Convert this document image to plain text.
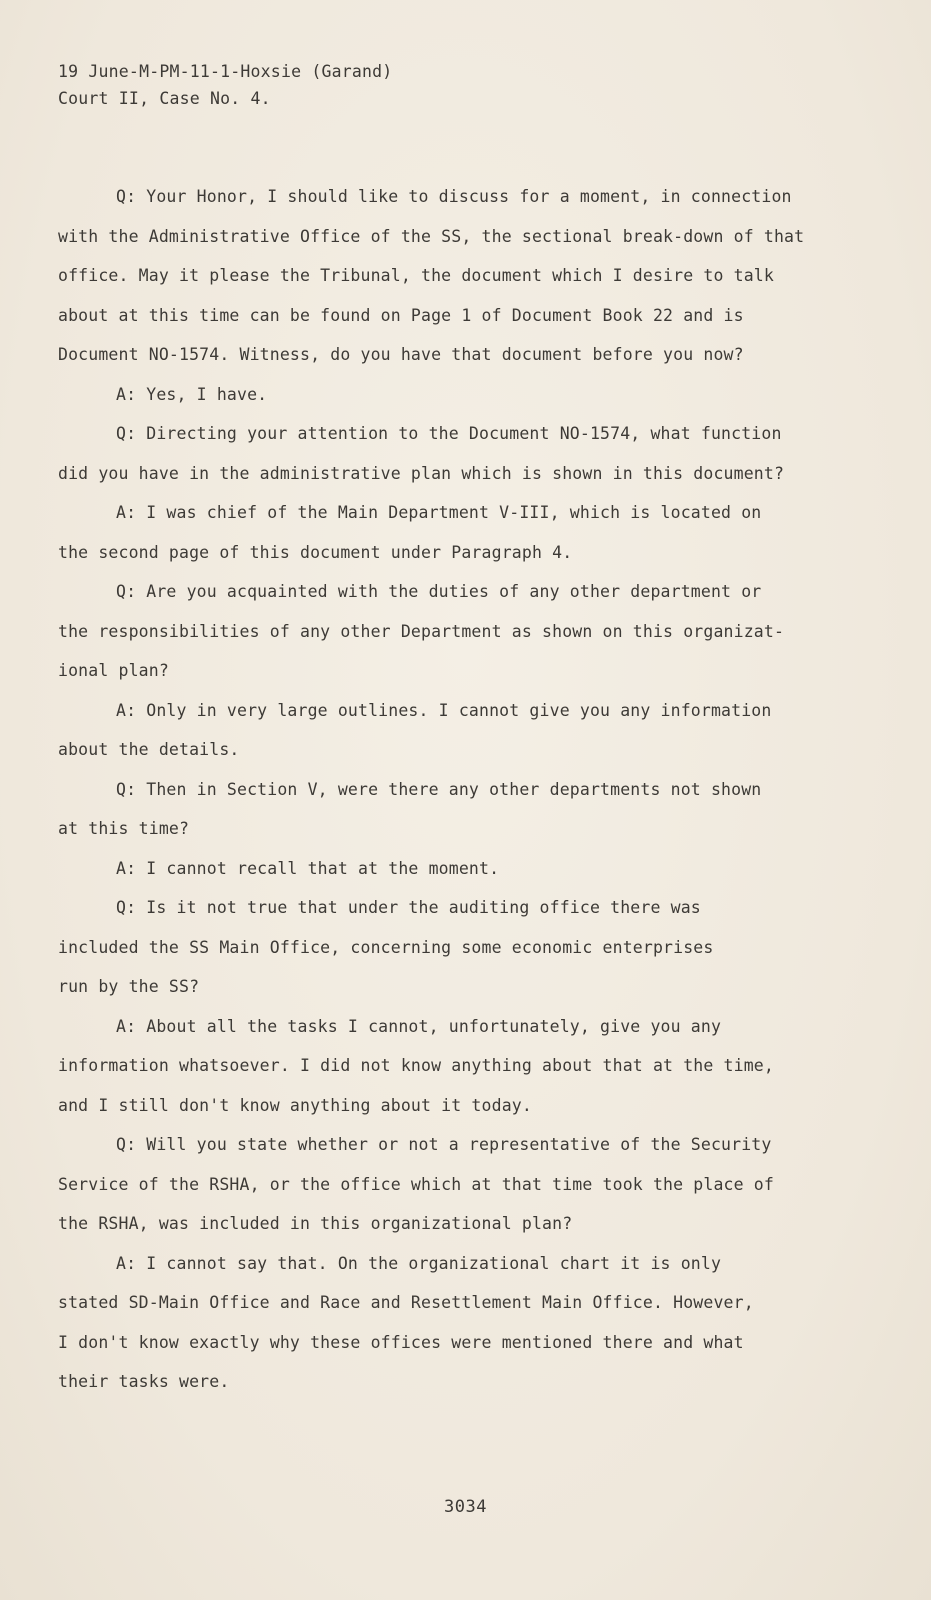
19 June-M-PM-11-1-Hoxsie (Garand)
Court II, Case No. 4.
Q: Your Honor, I should like to discuss for a moment, in connection
with the Administrative Office of the SS, the sectional break-down of that
office. May it please the Tribunal, the document which I desire to talk
about at this time can be found on Page 1 of Document Book 22 and is
Document NO-1574. Witness, do you have that document before you now?
A: Yes, I have.
Q: Directing your attention to the Document NO-1574, what function
did you have in the administrative plan which is shown in this document?
A: I was chief of the Main Department V-III, which is located on
the second page of this document under Paragraph 4.
Q: Are you acquainted with the duties of any other department or
the responsibilities of any other Department as shown on this organizat-
ional plan?
A: Only in very large outlines. I cannot give you any information
about the details.
Q: Then in Section V, were there any other departments not shown
at this time?
A: I cannot recall that at the moment.
Q: Is it not true that under the auditing office there was
included the SS Main Office, concerning some economic enterprises
run by the SS?
A: About all the tasks I cannot, unfortunately, give you any
information whatsoever. I did not know anything about that at the time,
and I still don't know anything about it today.
Q: Will you state whether or not a representative of the Security
Service of the RSHA, or the office which at that time took the place of
the RSHA, was included in this organizational plan?
A: I cannot say that. On the organizational chart it is only
stated SD-Main Office and Race and Resettlement Main Office. However,
I don't know exactly why these offices were mentioned there and what
their tasks were.
3034
